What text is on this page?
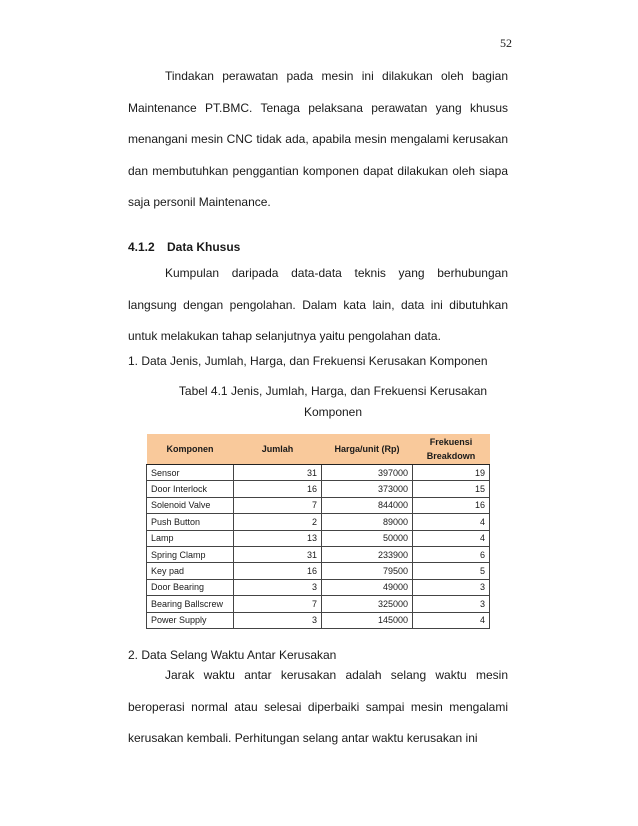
52

Tindakan perawatan pada mesin ini dilakukan oleh bagian Maintenance PT.BMC. Tenaga pelaksana perawatan yang khusus menangani mesin CNC tidak ada, apabila mesin mengalami kerusakan dan membutuhkan penggantian komponen dapat dilakukan oleh siapa saja personil Maintenance.

4.1.2 Data Khusus

Kumpulan daripada data-data teknis yang berhubungan langsung dengan pengolahan. Dalam kata lain, data ini dibutuhkan untuk melakukan tahap selanjutnya yaitu pengolahan data.

1. Data Jenis, Jumlah, Harga, dan Frekuensi Kerusakan Komponen

Tabel 4.1 Jenis, Jumlah, Harga, dan Frekuensi Kerusakan

Komponen

Komponen	Jumlah	Harga/unit (Rp)	Frekuensi Breakdown
Sensor	31	397000	19
Door Interlock	16	373000	15
Solenoid Valve	7	844000	16
Push Button	2	89000	4
Lamp	13	50000	4
Spring Clamp	31	233900	6
Key pad	16	79500	5
Door Bearing	3	49000	3
Bearing Ballscrew	7	325000	3
Power Supply	3	145000	4

2. Data Selang Waktu Antar Kerusakan

Jarak waktu antar kerusakan adalah selang waktu mesin beroperasi normal atau selesai diperbaiki sampai mesin mengalami kerusakan kembali. Perhitungan selang antar waktu kerusakan ini
